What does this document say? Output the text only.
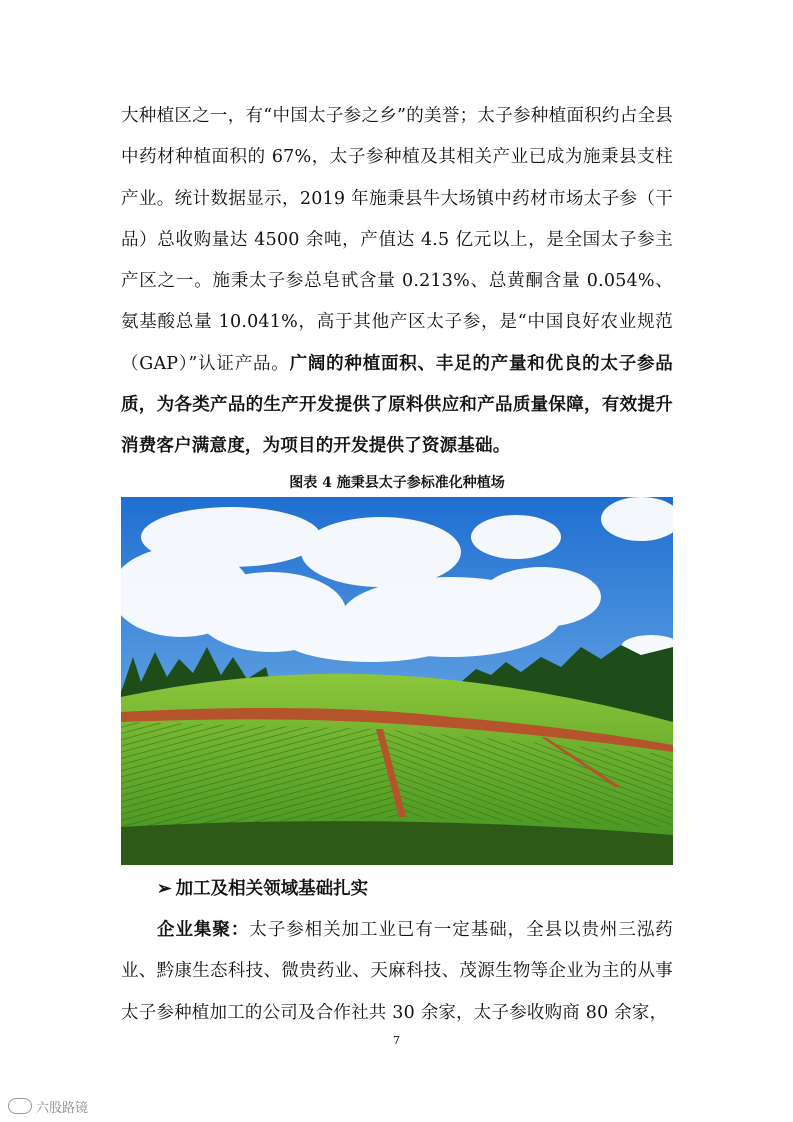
大种植区之一，有“中国太子参之乡”的美誉；太子参种植面积约占全县中药材种植面积的 67%，太子参种植及其相关产业已成为施秉县支柱产业。统计数据显示，2019 年施秉县牛大场镇中药材市场太子参（干品）总收购量达 4500 余吨，产值达 4.5 亿元以上，是全国太子参主产区之一。施秉太子参总皂甙含量 0.213%、总黄酮含量 0.054%、氨基酸总量 10.041%，高于其他产区太子参，是“中国良好农业规范（GAP）”认证产品。广阔的种植面积、丰足的产量和优良的太子参品质，为各类产品的生产开发提供了原料供应和产品质量保障，有效提升消费客户满意度，为项目的开发提供了资源基础。

图表 4 施秉县太子参标准化种植场
➢ 加工及相关领域基础扎实

企业集聚：太子参相关加工业已有一定基础，全县以贵州三泓药业、黔康生态科技、微贵药业、天麻科技、茂源生物等企业为主的从事太子参种植加工的公司及合作社共 30 余家，太子参收购商 80 余家，

7
六股路镜
